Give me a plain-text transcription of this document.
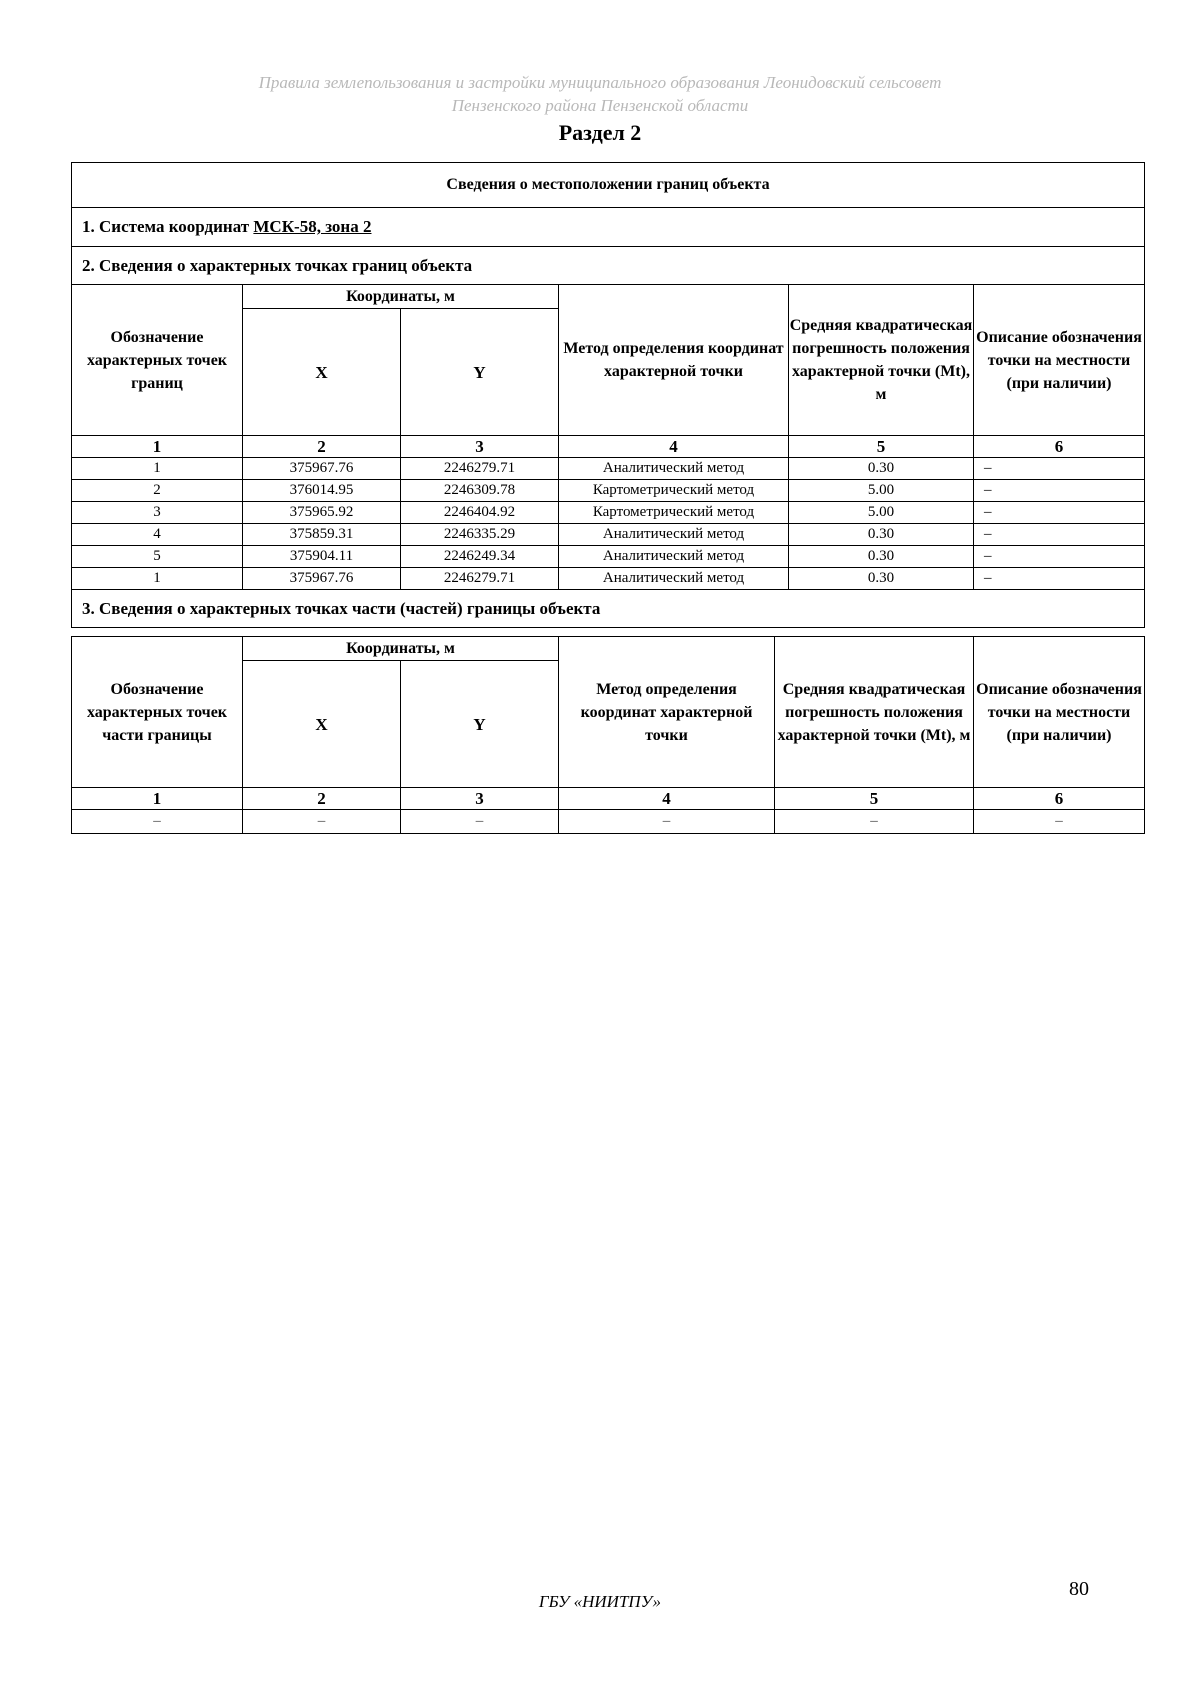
Правила землепользования и застройки муниципального образования Леонидовский сельсовет
Пензенского района Пензенской области
Раздел 2
Сведения о местоположении границ объекта					
1. Система координат МСК-58, зона 2					
2. Сведения о характерных точках границ объекта					
Обозначение характерных точек границ	Координаты, м		Метод определения координат характерной точки	Средняя квадратическая погрешность положения характерной точки (Mt), м	Описание обозначения точки на местности (при наличии)
	X	Y			
1	2	3	4	5	6
1	375967.76	2246279.71	Аналитический метод	0.30	–
2	376014.95	2246309.78	Картометрический метод	5.00	–
3	375965.92	2246404.92	Картометрический метод	5.00	–
4	375859.31	2246335.29	Аналитический метод	0.30	–
5	375904.11	2246249.34	Аналитический метод	0.30	–
1	375967.76	2246279.71	Аналитический метод	0.30	–
3. Сведения о характерных точках части (частей) границы объекта					
Обозначение характерных точек части границы	Координаты, м		Метод определения координат характерной точки	Средняя квадратическая погрешность положения характерной точки (Mt), м	Описание обозначения точки на местности (при наличии)
	X	Y			
1	2	3	4	5	6
–	–	–	–	–	–
80
ГБУ «НИИТПУ»
